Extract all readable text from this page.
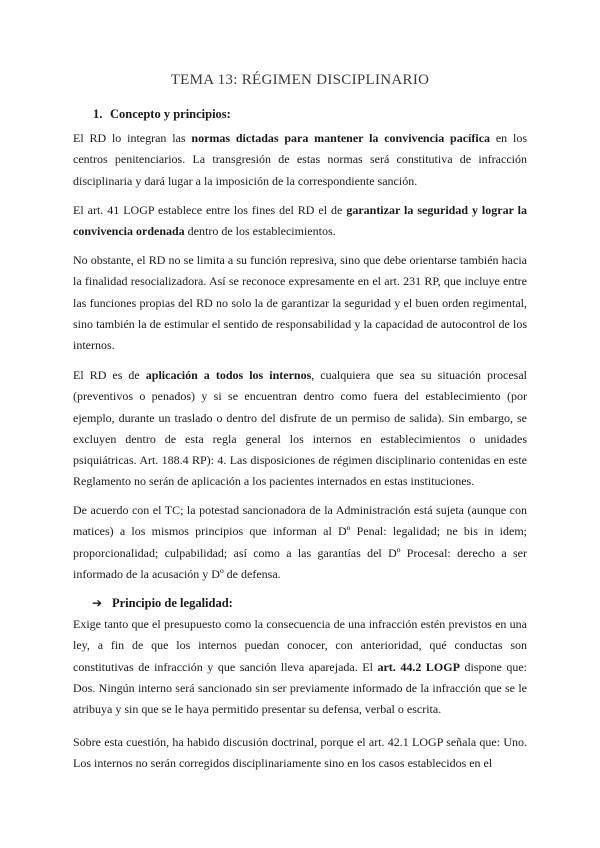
TEMA 13: RÉGIMEN DISCIPLINARIO
1. Concepto y principios:

El RD lo integran las normas dictadas para mantener la convivencia pacífica en los centros penitenciarios. La transgresión de estas normas será constitutiva de infracción disciplinaria y dará lugar a la imposición de la correspondiente sanción.

El art. 41 LOGP establece entre los fines del RD el de garantizar la seguridad y lograr la convivencia ordenada dentro de los establecimientos.

No obstante, el RD no se limita a su función represiva, sino que debe orientarse también hacia la finalidad resocializadora. Así se reconoce expresamente en el art. 231 RP, que incluye entre las funciones propias del RD no solo la de garantizar la seguridad y el buen orden regimental, sino también la de estimular el sentido de responsabilidad y la capacidad de autocontrol de los internos.

El RD es de aplicación a todos los internos, cualquiera que sea su situación procesal (preventivos o penados) y si se encuentran dentro como fuera del establecimiento (por ejemplo, durante un traslado o dentro del disfrute de un permiso de salida). Sin embargo, se excluyen dentro de esta regla general los internos en establecimientos o unidades psiquiátricas. Art. 188.4 RP): 4. Las disposiciones de régimen disciplinario contenidas en este Reglamento no serán de aplicación a los pacientes internados en estas instituciones.

De acuerdo con el TC; la potestad sancionadora de la Administración está sujeta (aunque con matices) a los mismos principios que informan al Dº Penal: legalidad; ne bis in idem; proporcionalidad; culpabilidad; así como a las garantías del Dº Procesal: derecho a ser informado de la acusación y Dº de defensa.

➔ Principio de legalidad:

Exige tanto que el presupuesto como la consecuencia de una infracción estén previstos en una ley, a fin de que los internos puedan conocer, con anterioridad, qué conductas son constitutivas de infracción y que sanción lleva aparejada. El art. 44.2 LOGP dispone que: Dos. Ningún interno será sancionado sin ser previamente informado de la infracción que se le atribuya y sin que se le haya permitido presentar su defensa, verbal o escrita.

Sobre esta cuestión, ha habido discusión doctrinal, porque el art. 42.1 LOGP señala que: Uno. Los internos no serán corregidos disciplinariamente sino en los casos establecidos en el
